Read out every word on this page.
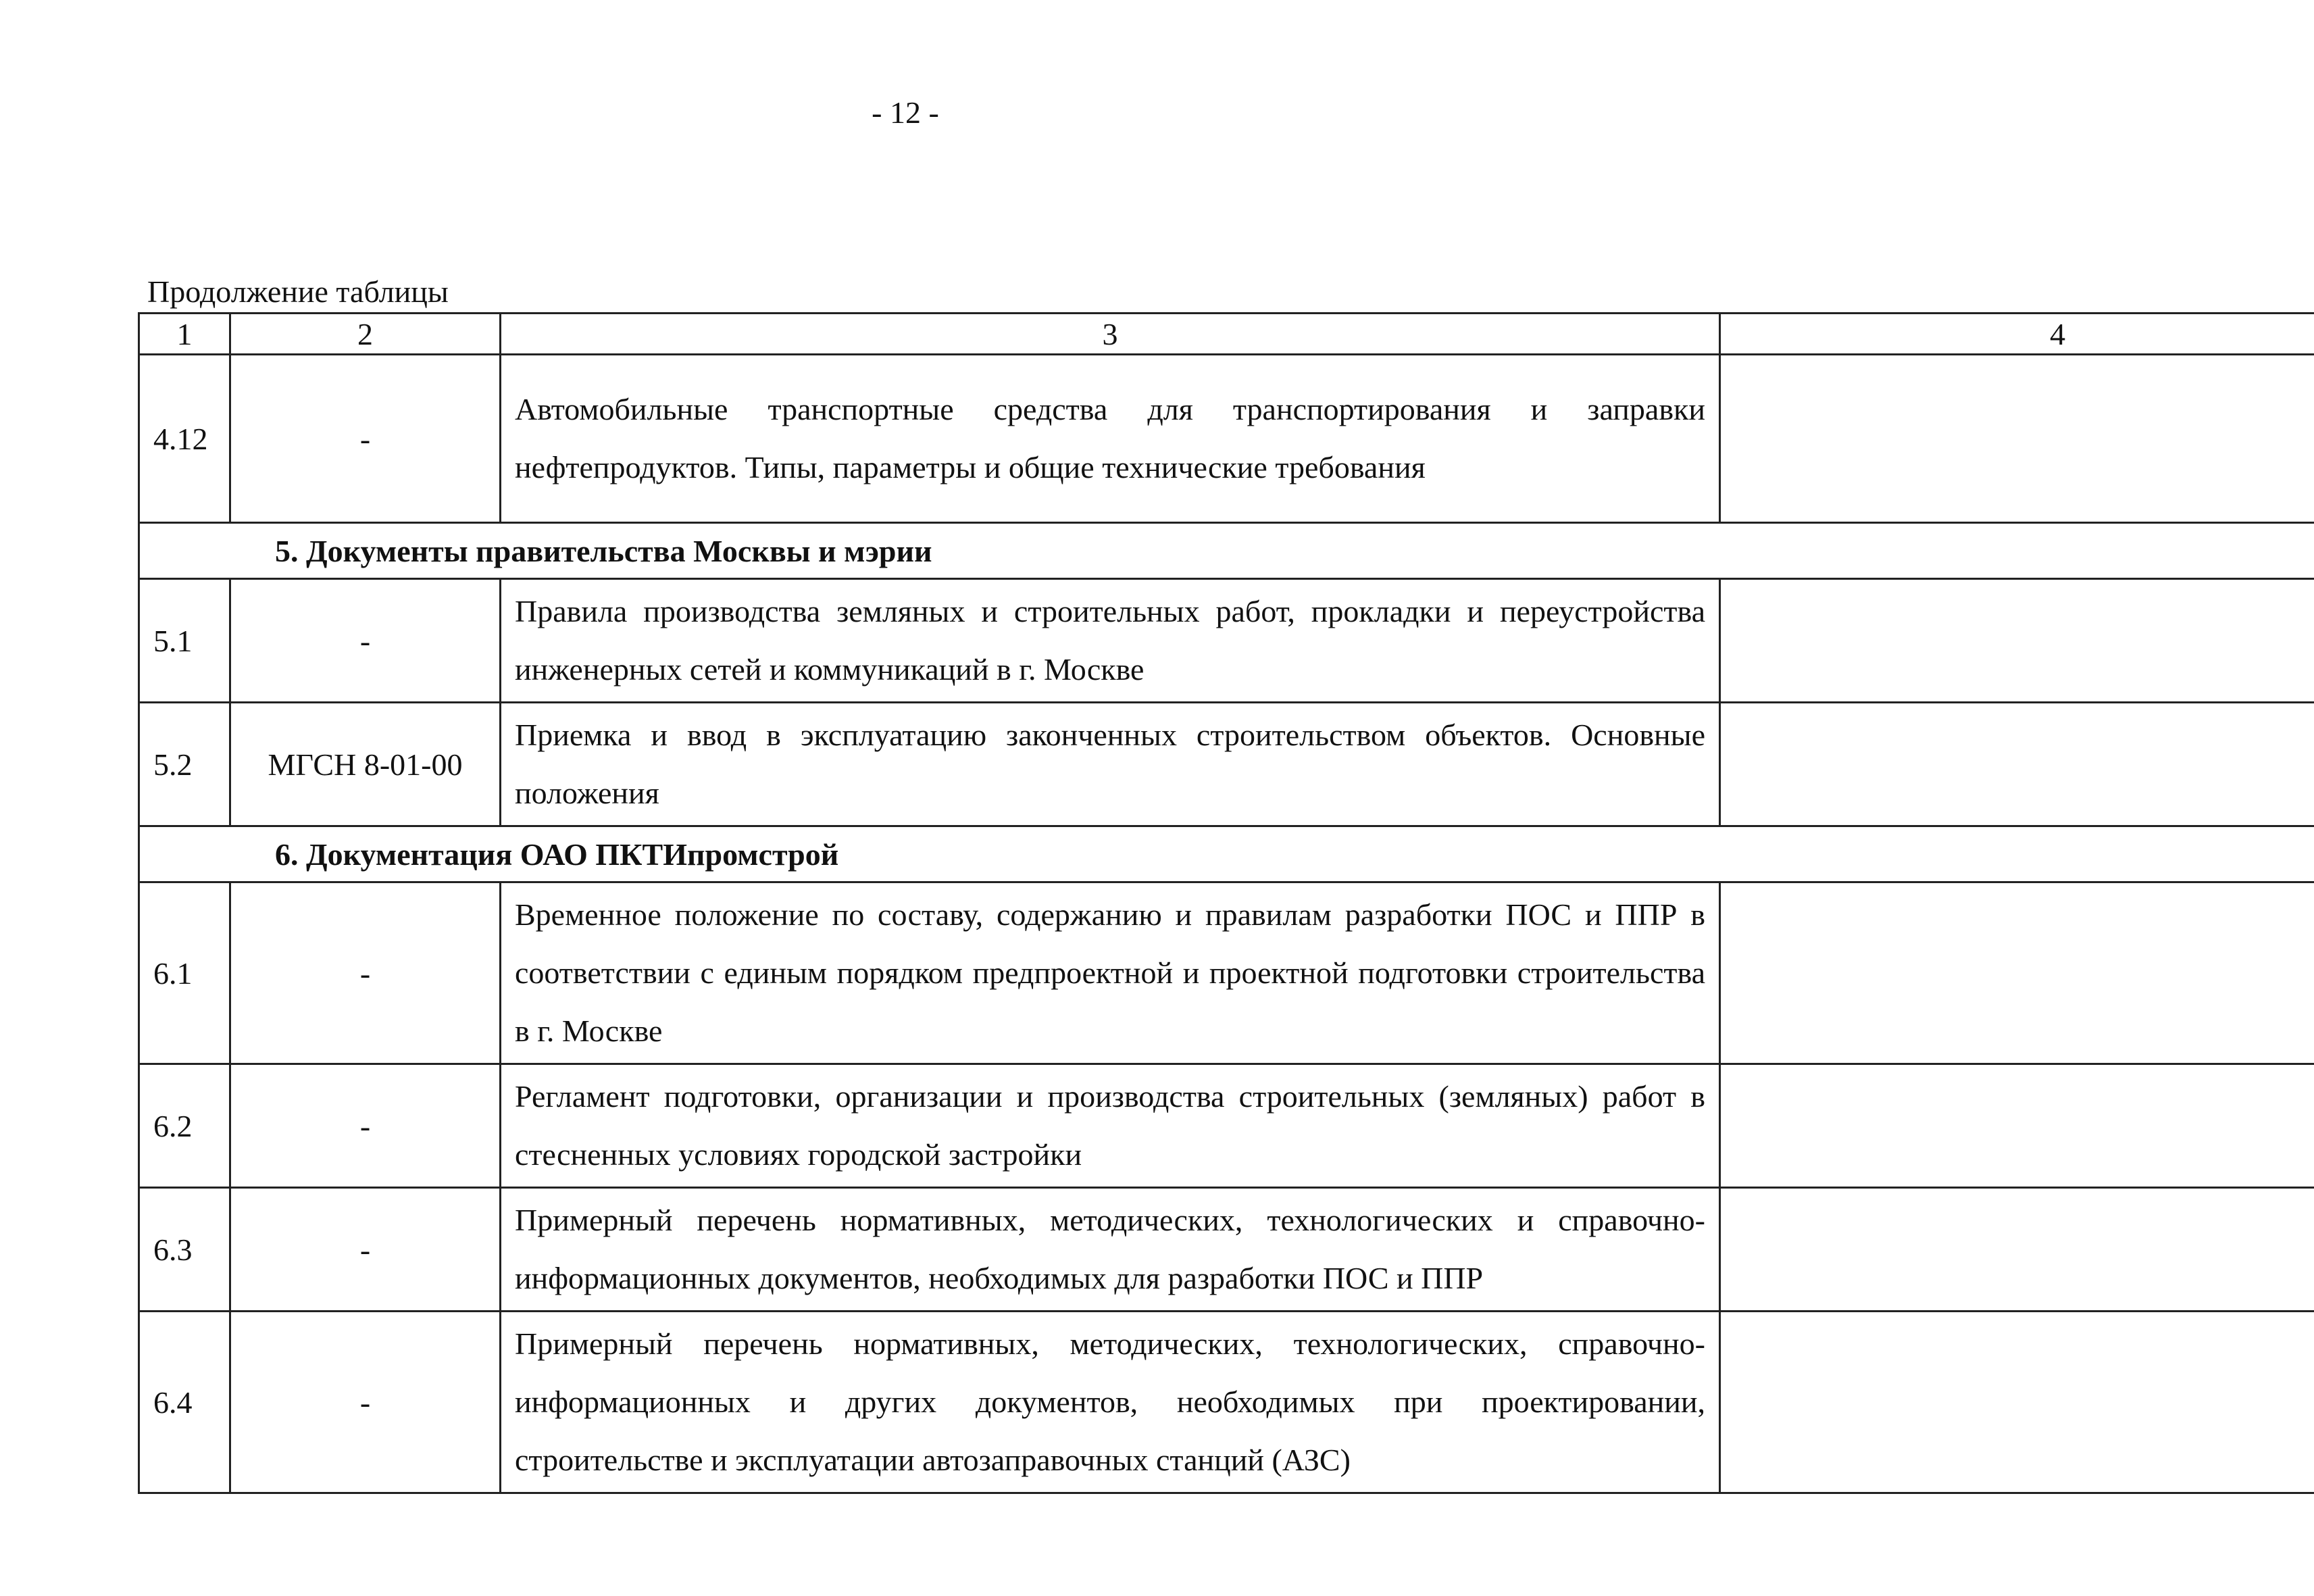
- 12 -
Продолжение таблицы
1	2	3	4
4.12	-	Автомобильные транспортные средства для транспортирования и заправки нефтепродуктов. Типы, параметры и общие технические требования	
5. Документы правительства Москвы и мэрии			
5.1	-	Правила производства земляных и строительных работ, прокладки и переустройства инженерных сетей и коммуникаций в г. Москве	
5.2	МГСН 8-01-00	Приемка и ввод в эксплуатацию законченных строительством объектов. Основные положения	
6. Документация ОАО ПКТИпромстрой			
6.1	-	Временное положение по составу, содержанию и правилам разработки ПОС и ППР в соответствии с единым порядком предпроектной и проектной подготовки строительства в г. Москве	
6.2	-	Регламент подготовки, организации и производства строительных (земляных) работ в стесненных условиях городской застройки	
6.3	-	Примерный перечень нормативных, методических, технологических и справочно-информационных документов, необходимых для разработки ПОС и ППР	
6.4	-	Примерный перечень нормативных, методических, технологических, справочно-информационных и других документов, необходимых при проектировании, строительстве и эксплуатации автозаправочных станций (АЗС)	
